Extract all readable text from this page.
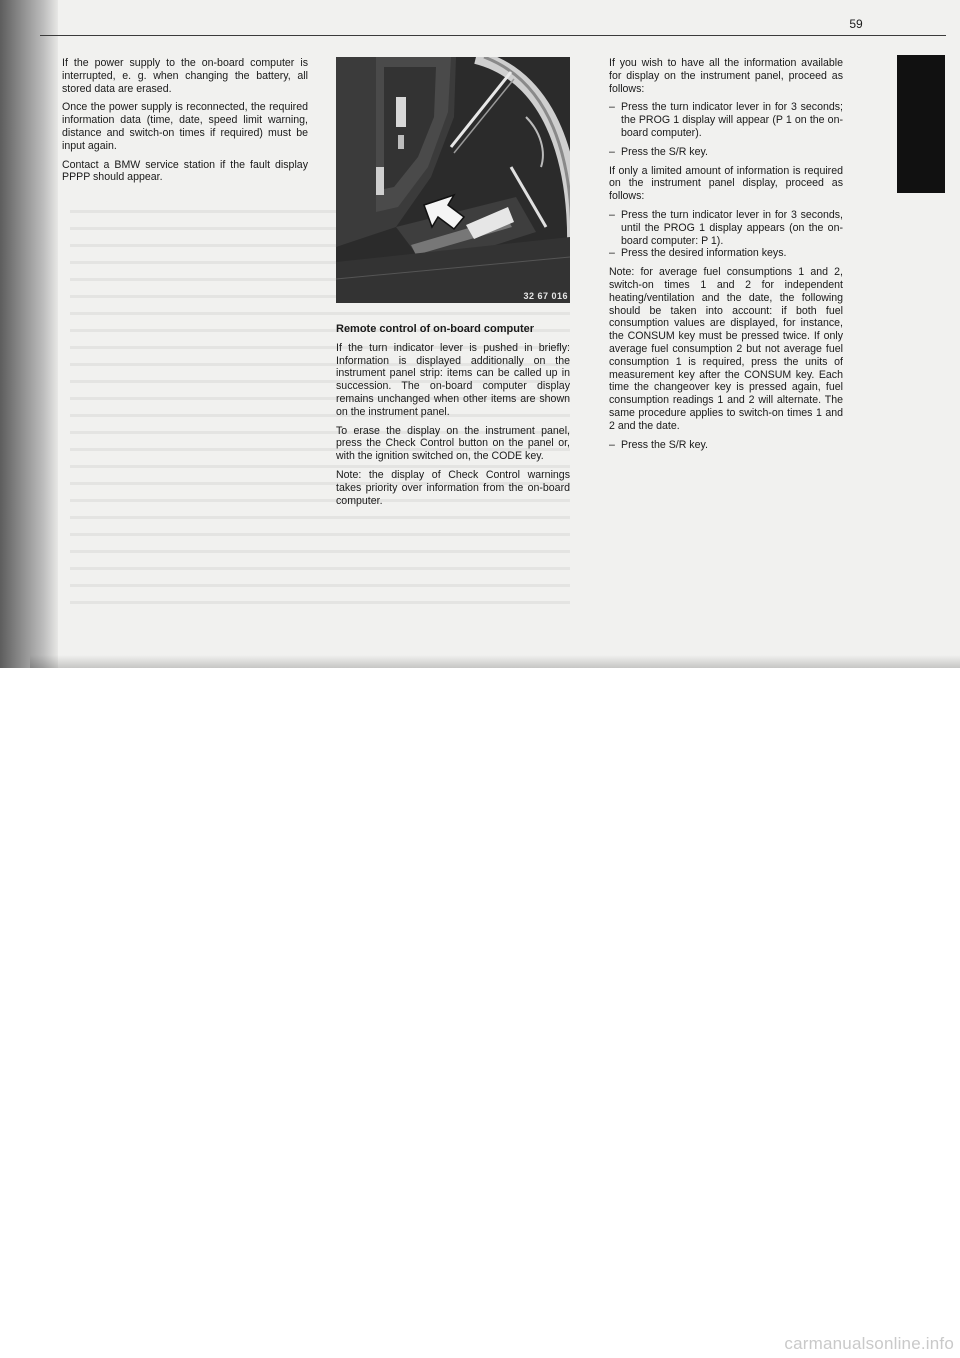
59

If the power supply to the on-board computer is interrupted, e. g. when changing the battery, all stored data are erased.

Once the power supply is reconnected, the required information data (time, date, speed limit warning, distance and switch-on times if required) must be input again.

Contact a BMW service station if the fault display PPPP should appear.

32 67 016
Remote control of on-board computer

If the turn indicator lever is pushed in briefly: Information is displayed additionally on the instrument panel strip: items can be called up in succession. The on-board computer display remains unchanged when other items are shown on the instrument panel.

To erase the display on the instrument panel, press the Check Control button on the panel or, with the ignition switched on, the CODE key.

Note: the display of Check Control warnings takes priority over information from the on-board computer.

If you wish to have all the information available for display on the instrument panel, proceed as follows:

– Press the turn indicator lever in for 3 seconds; the PROG 1 display will appear (P 1 on the on-board computer).
– Press the S/R key.

If only a limited amount of information is required on the instrument panel display, proceed as follows:

– Press the turn indicator lever in for 3 seconds, until the PROG 1 display appears (on the on-board computer: P 1).
– Press the desired information keys.

Note: for average fuel consumptions 1 and 2, switch-on times 1 and 2 for independent heating/ventilation and the date, the following should be taken into account: if both fuel consumption values are displayed, for instance, the CONSUM key must be pressed twice. If only average fuel consumption 2 but not average fuel consumption 1 is required, press the units of measurement key after the CONSUM key. Each time the changeover key is pressed again, fuel consumption readings 1 and 2 will alternate. The same procedure applies to switch-on times 1 and 2 and the date.

– Press the S/R key.
carmanualsonline.info
